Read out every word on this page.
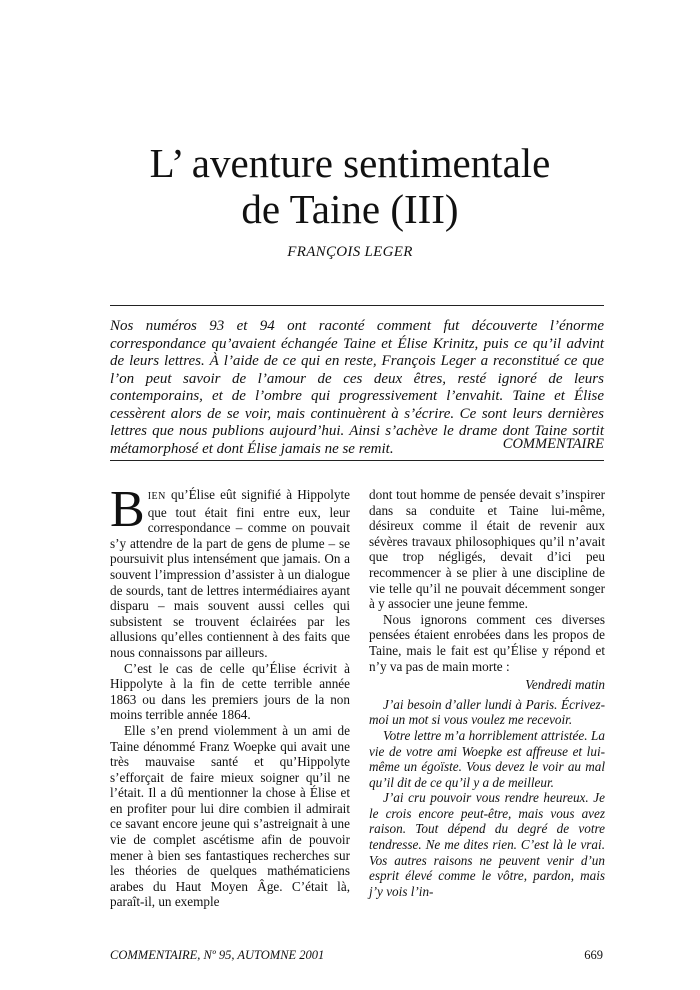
L’ aventure sentimentale
de Taine (III)
FRANÇOIS LEGER

Nos numéros 93 et 94 ont raconté comment fut découverte l’énorme correspondance qu’avaient échangée Taine et Élise Krinitz, puis ce qu’il advint de leurs lettres. À l’aide de ce qui en reste, François Leger a reconstitué ce que l’on peut savoir de l’amour de ces deux êtres, resté ignoré de leurs contemporains, et de l’ombre qui progressivement l’envahit. Taine et Élise cessèrent alors de se voir, mais continuèrent à s’écrire. Ce sont leurs dernières lettres que nous publions aujourd’hui. Ainsi s’achève le drame dont Taine sortit métamorphosé et dont Élise jamais ne se remit.	COMMENTAIRE

BIEN qu’Élise eût signifié à Hippolyte que tout était fini entre eux, leur correspondance – comme on pouvait s’y attendre de la part de gens de plume – se poursuivit plus intensément que jamais. On a souvent l’impression d’assister à un dialogue de sourds, tant de lettres intermédiaires ayant disparu – mais souvent aussi celles qui subsistent se trouvent éclairées par les allusions qu’elles contiennent à des faits que nous connaissons par ailleurs.

C’est le cas de celle qu’Élise écrivit à Hippolyte à la fin de cette terrible année 1863 ou dans les premiers jours de la non moins terrible année 1864.

Elle s’en prend violemment à un ami de Taine dénommé Franz Woepke qui avait une très mauvaise santé et qu’Hippolyte s’efforçait de faire mieux soigner qu’il ne l’était. Il a dû mentionner la chose à Élise et en profiter pour lui dire combien il admirait ce savant encore jeune qui s’astreignait à une vie de complet ascétisme afin de pouvoir mener à bien ses fantastiques recherches sur les théories de quelques mathématiciens arabes du Haut Moyen Âge. C’était là, paraît-il, un exemple

dont tout homme de pensée devait s’inspirer dans sa conduite et Taine lui-même, désireux comme il était de revenir aux sévères travaux philosophiques qu’il n’avait que trop négligés, devait d’ici peu recommencer à se plier à une discipline de vie telle qu’il ne pouvait décemment songer à y associer une jeune femme.

Nous ignorons comment ces diverses pensées étaient enrobées dans les propos de Taine, mais le fait est qu’Élise y répond et n’y va pas de main morte :

Vendredi matin

J’ai besoin d’aller lundi à Paris. Écrivez-moi un mot si vous voulez me recevoir.

Votre lettre m’a horriblement attristée. La vie de votre ami Woepke est affreuse et lui-même un égoïste. Vous devez le voir au mal qu’il dit de ce qu’il y a de meilleur.

J’ai cru pouvoir vous rendre heureux. Je le crois encore peut-être, mais vous avez raison. Tout dépend du degré de votre tendresse. Ne me dites rien. C’est là le vrai. Vos autres raisons ne peuvent venir d’un esprit élevé comme le vôtre, pardon, mais j’y vois l’in-

COMMENTAIRE, Nº 95, AUTOMNE 2001	669
